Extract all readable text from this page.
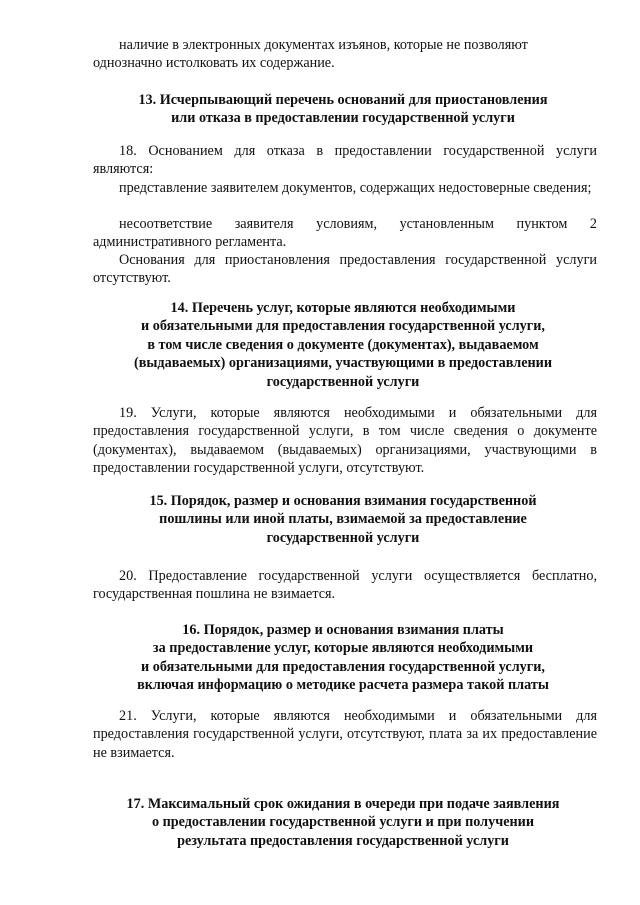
наличие в электронных документах изъянов, которые не позволяют
однозначно истолковать их содержание.

13. Исчерпывающий перечень оснований для приостановления
или отказа в предоставлении государственной услуги

18. Основанием для отказа в предоставлении государственной услуги являются:

представление заявителем документов, содержащих недостоверные сведения;

несоответствие заявителя условиям, установленным пунктом 2 административного регламента.

Основания для приостановления предоставления государственной услуги отсутствуют.

14. Перечень услуг, которые являются необходимыми
и обязательными для предоставления государственной услуги,
в том числе сведения о документе (документах), выдаваемом
(выдаваемых) организациями, участвующими в предоставлении
государственной услуги

19. Услуги, которые являются необходимыми и обязательными для предоставления государственной услуги, в том числе сведения о документе (документах), выдаваемом (выдаваемых) организациями, участвующими в предоставлении государственной услуги, отсутствуют.

15. Порядок, размер и основания взимания государственной
пошлины или иной платы, взимаемой за предоставление
государственной услуги

20. Предоставление государственной услуги осуществляется бесплатно, государственная пошлина не взимается.

16. Порядок, размер и основания взимания платы
за предоставление услуг, которые являются необходимыми
и обязательными для предоставления государственной услуги,
включая информацию о методике расчета размера такой платы

21. Услуги, которые являются необходимыми и обязательными для предоставления государственной услуги, отсутствуют, плата за их предоставление не взимается.

17. Максимальный срок ожидания в очереди при подаче заявления
о предоставлении государственной услуги и при получении
результата предоставления государственной услуги
